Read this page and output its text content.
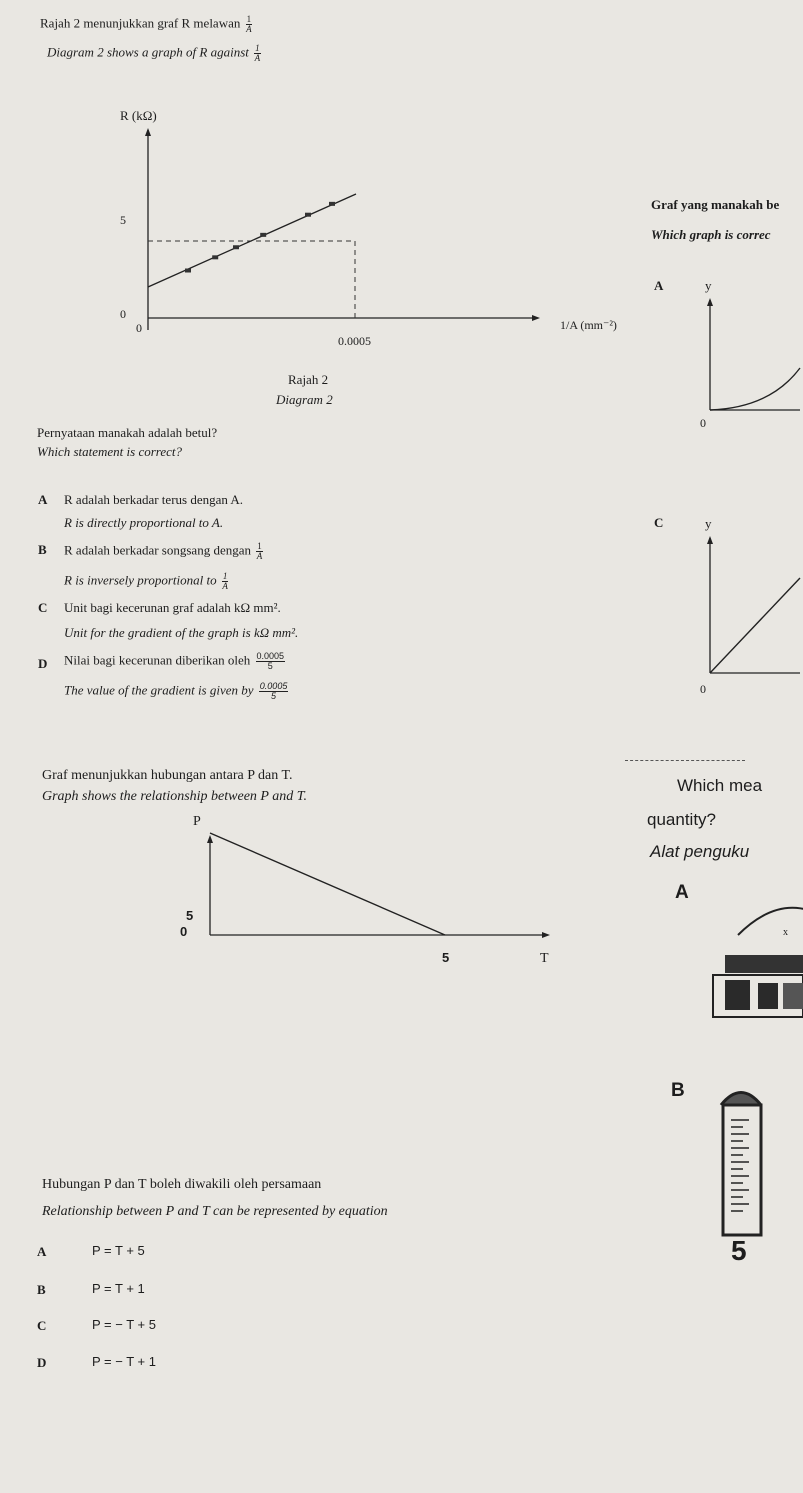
Rajah 2 menunjukkan graf R melawan $\frac{1}{A}$
Diagram 2 shows a graph of R against $\frac{1}{A}$
R (kΩ)
5
0
0
0.0005
1/A (mm⁻²)
Rajah 2
Diagram 2
Pernyataan manakah adalah betul?
Which statement is correct?
A R adalah berkadar terus dengan A.
R is directly proportional to A.
B R adalah berkadar songsang dengan $\frac{1}{A}$
R is inversely proportional to $\frac{1}{A}$
C Unit bagi kecerunan graf adalah kΩ mm².
Unit for the gradient of the graph is kΩ mm².
D Nilai bagi kecerunan diberikan oleh $\frac{0.0005}{5}$
The value of the gradient is given by $\frac{0.0005}{5}$
Graf yang manakah be
Which graph is correc
A	y
0
C	y
0
Graf menunjukkan hubungan antara P dan T.
Graph shows the relationship between P and T.
P
5
0
5	T
Hubungan P dan T boleh diwakili oleh persamaan
Relationship between P and T can be represented by equation
A	P = T + 5
B	P = T + 1
C	P = − T + 5
D	P = − T + 1
Which mea
quantity?
Alat penguku
A
x
B
5
